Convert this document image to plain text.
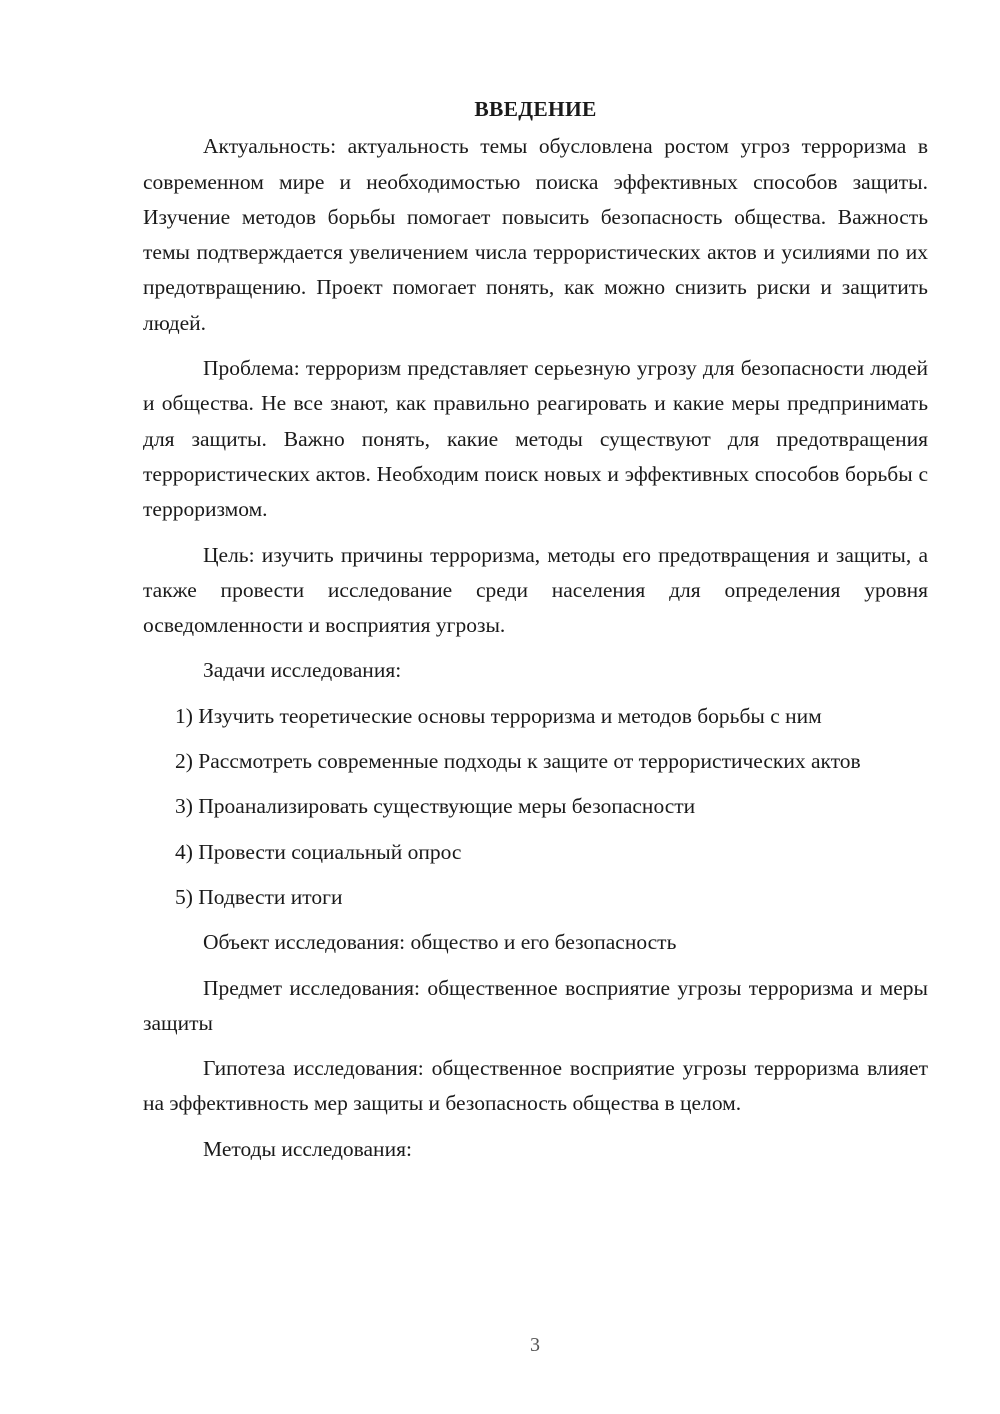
ВВЕДЕНИЕ

Актуальность: актуальность темы обусловлена ростом угроз терроризма в современном мире и необходимостью поиска эффективных способов защиты. Изучение методов борьбы помогает повысить безопасность общества. Важность темы подтверждается увеличением числа террористических актов и усилиями по их предотвращению. Проект помогает понять, как можно снизить риски и защитить людей.

Проблема: терроризм представляет серьезную угрозу для безопасности людей и общества. Не все знают, как правильно реагировать и какие меры предпринимать для защиты. Важно понять, какие методы существуют для предотвращения террористических актов. Необходим поиск новых и эффективных способов борьбы с терроризмом.

Цель: изучить причины терроризма, методы его предотвращения и защиты, а также провести исследование среди населения для определения уровня осведомленности и восприятия угрозы.

Задачи исследования:

1) Изучить теоретические основы терроризма и методов борьбы с ним

2) Рассмотреть современные подходы к защите от террористических актов

3) Проанализировать существующие меры безопасности

4) Провести социальный опрос

5) Подвести итоги

Объект исследования: общество и его безопасность

Предмет исследования: общественное восприятие угрозы терроризма и меры защиты

Гипотеза исследования: общественное восприятие угрозы терроризма влияет на эффективность мер защиты и безопасность общества в целом.

Методы исследования:

3
